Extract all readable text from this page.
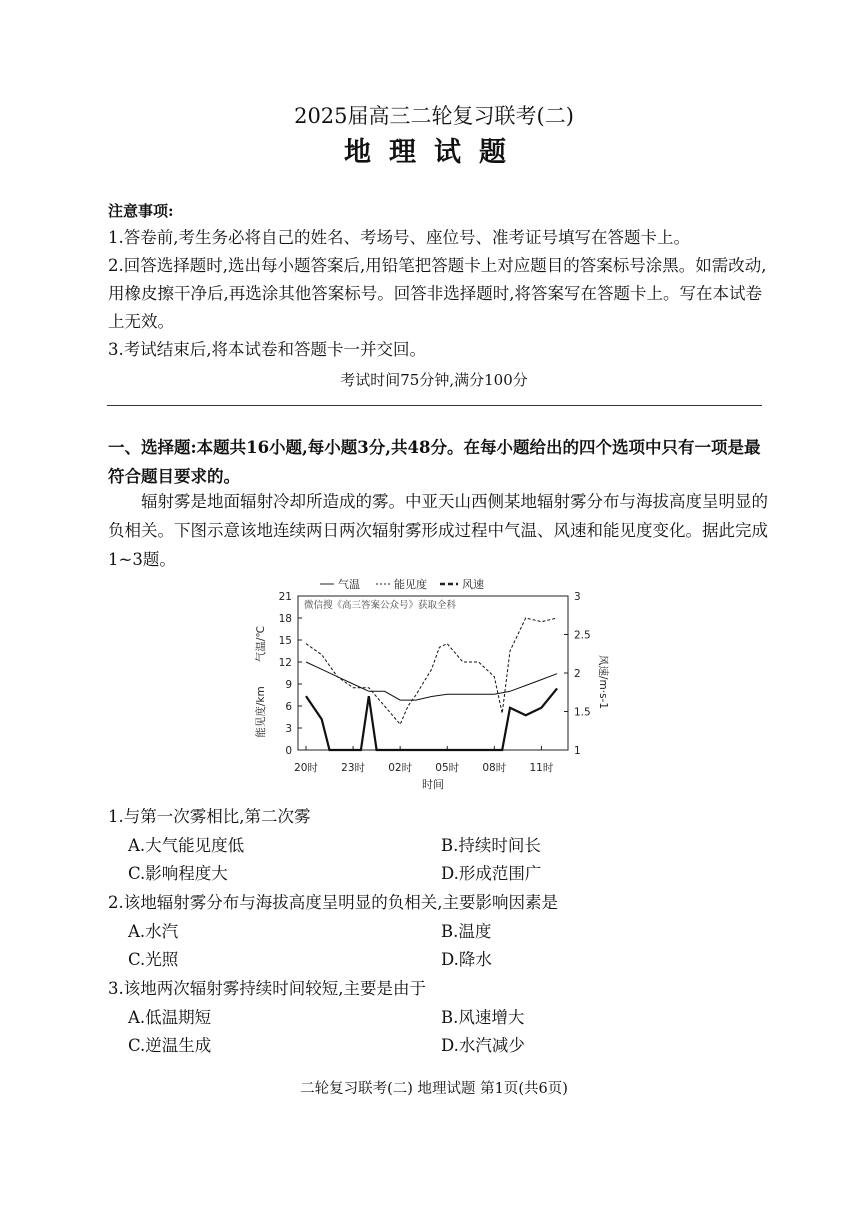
2025届高三二轮复习联考(二)
地理试题
注意事项:
1.答卷前,考生务必将自己的姓名、考场号、座位号、准考证号填写在答题卡上。
2.回答选择题时,选出每小题答案后,用铅笔把答题卡上对应题目的答案标号涂黑。如需改动,用橡皮擦干净后,再选涂其他答案标号。回答非选择题时,将答案写在答题卡上。写在本试卷上无效。
3.考试结束后,将本试卷和答题卡一并交回。
考试时间75分钟,满分100分
一、选择题:本题共16小题,每小题3分,共48分。在每小题给出的四个选项中只有一项是最符合题目要求的。
辐射雾是地面辐射冷却所造成的雾。中亚天山西侧某地辐射雾分布与海拔高度呈明显的负相关。下图示意该地连续两日两次辐射雾形成过程中气温、风速和能见度变化。据此完成1~3题。
0
3
6
9
12
15
18
21
1
1.5
2
2.5
3
20时 23时 02时 05时 08时 11时
时间
气温/℃
能见度/km
风速/m·s-1
微信搜《高三答案公众号》获取全科
气温	能见度	风速
1.与第一次雾相比,第二次雾
A.大气能见度低	B.持续时间长
C.影响程度大	D.形成范围广
2.该地辐射雾分布与海拔高度呈明显的负相关,主要影响因素是
A.水汽	B.温度
C.光照	D.降水
3.该地两次辐射雾持续时间较短,主要是由于
A.低温期短	B.风速增大
C.逆温生成	D.水汽减少
二轮复习联考(二) 地理试题 第1页(共6页)
